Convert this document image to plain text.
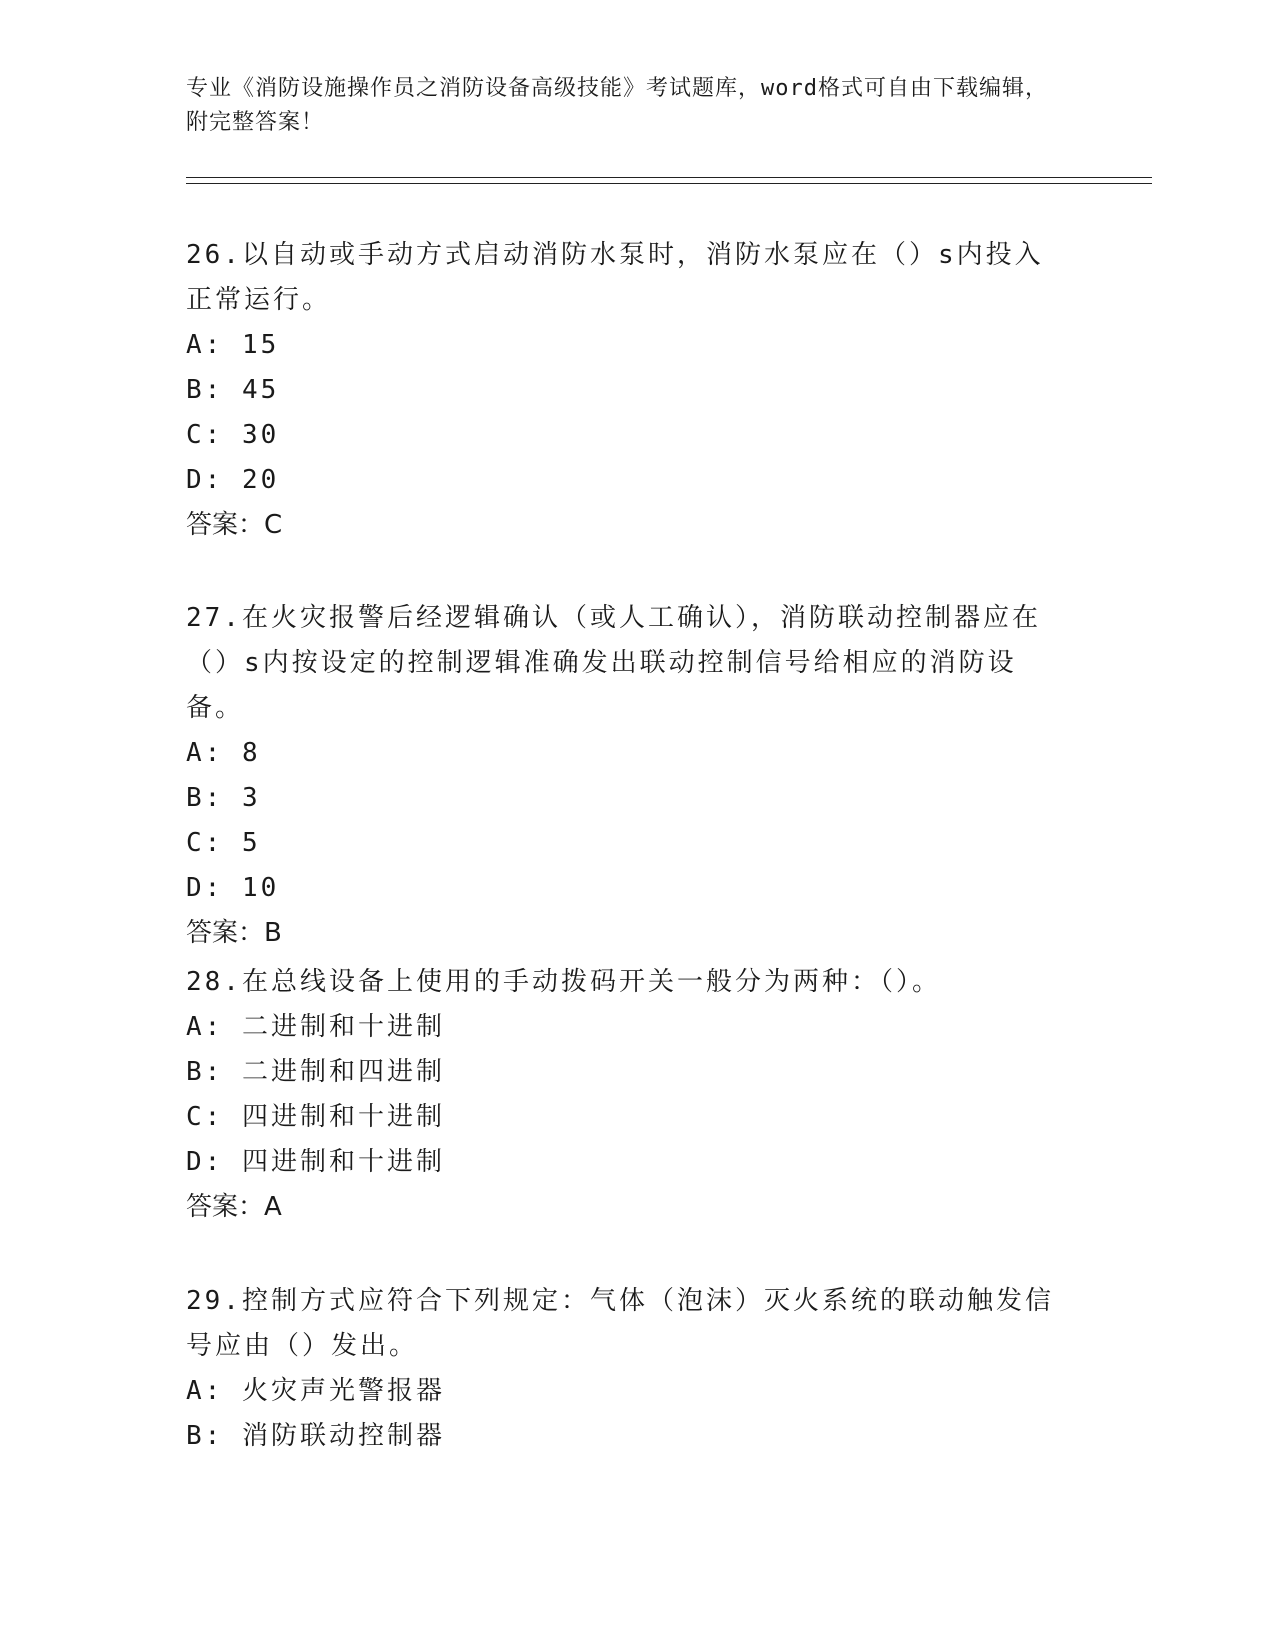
专业《消防设施操作员之消防设备高级技能》考试题库，word格式可自由下载编辑，附完整答案！

26.以自动或手动方式启动消防水泵时，消防水泵应在（）s内投入正常运行。

A: 15

B: 45

C: 30

D: 20

答案：C

27.在火灾报警后经逻辑确认（或人工确认），消防联动控制器应在（）s内按设定的控制逻辑准确发出联动控制信号给相应的消防设备。

A: 8

B: 3

C: 5

D: 10

答案：B

28.在总线设备上使用的手动拨码开关一般分为两种：（）。

A: 二进制和十进制

B: 二进制和四进制

C: 四进制和十进制

D: 四进制和十进制

答案：A

29.控制方式应符合下列规定：气体（泡沫）灭火系统的联动触发信号应由（）发出。

A: 火灾声光警报器

B: 消防联动控制器
